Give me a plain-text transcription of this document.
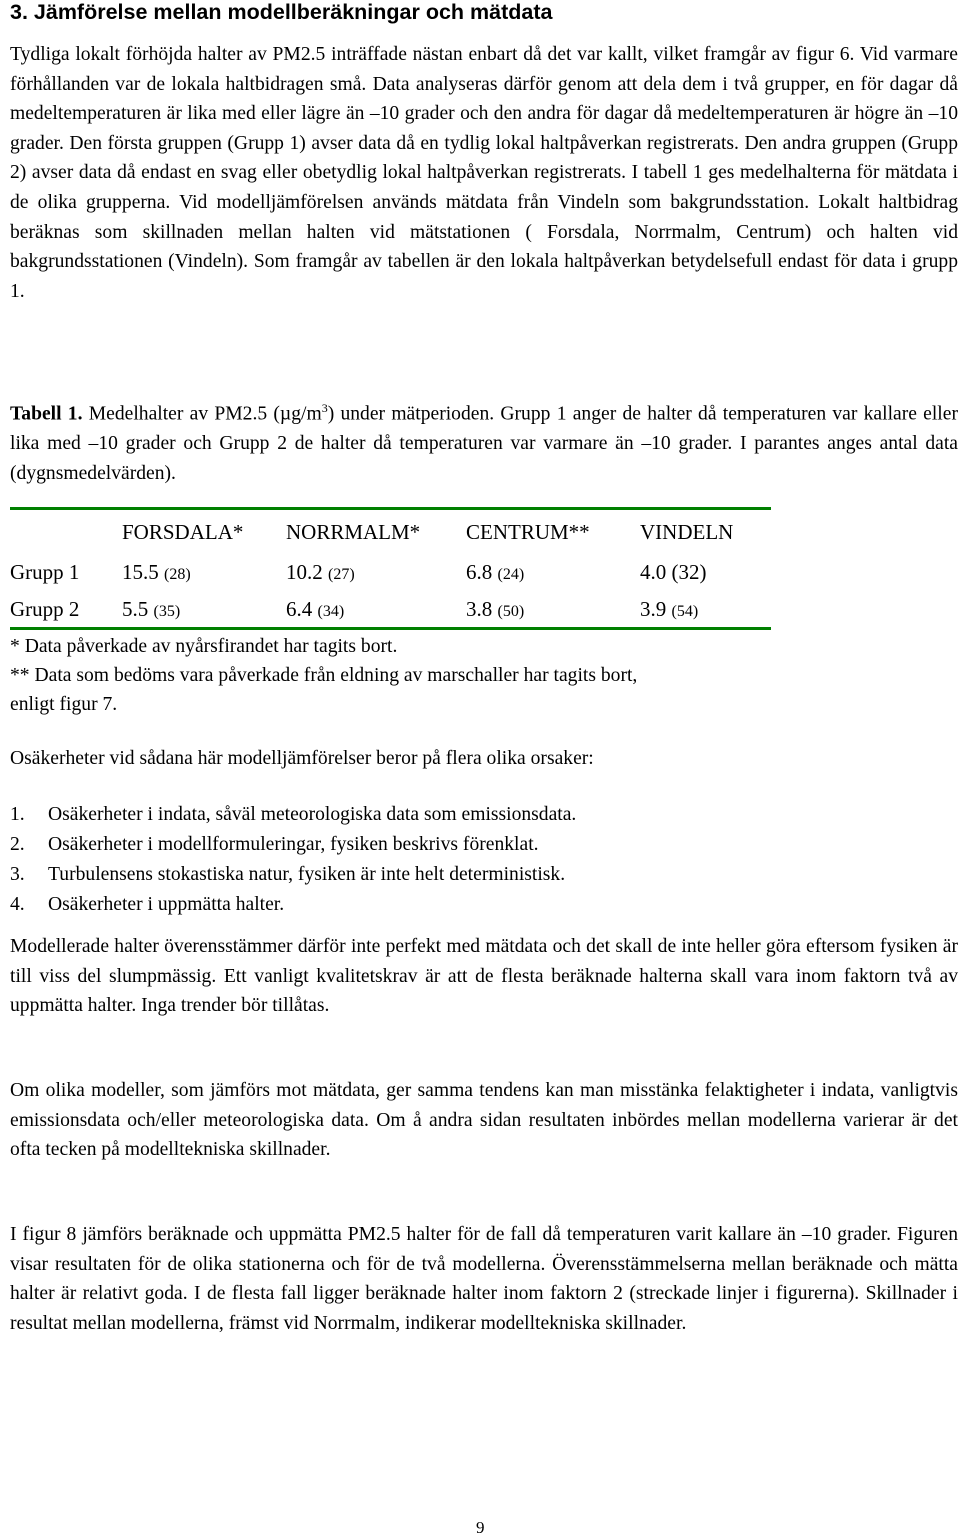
3. Jämförelse mellan modellberäkningar och mätdata

Tydliga lokalt förhöjda halter av PM2.5 inträffade nästan enbart då det var kallt, vilket framgår av figur 6. Vid varmare förhållanden var de lokala haltbidragen små. Data analyseras därför genom att dela dem i två grupper, en för dagar då medeltemperaturen är lika med eller lägre än –10 grader och den andra för dagar då medeltemperaturen är högre än –10 grader. Den första gruppen (Grupp 1) avser data då en tydlig lokal haltpåverkan registrerats. Den andra gruppen (Grupp 2) avser data då endast en svag eller obetydlig lokal haltpåverkan registrerats. I tabell 1 ges medelhalterna för mätdata i de olika grupperna. Vid modelljämförelsen används mätdata från Vindeln som bakgrundsstation. Lokalt haltbidrag beräknas som skillnaden mellan halten vid mätstationen ( Forsdala, Norrmalm, Centrum) och halten vid bakgrundsstationen (Vindeln). Som framgår av tabellen är den lokala haltpåverkan betydelsefull endast för data i grupp 1.

Tabell 1. Medelhalter av PM2.5 $(\mu g/m^3)$ under mätperioden. Grupp 1 anger de halter då temperaturen var kallare eller lika med –10 grader och Grupp 2 de halter då temperaturen var varmare än –10 grader. I parantes anges antal data (dygnsmedelvärden).

FORSDALA* NORRMALM* CENTRUM** VINDELN
Grupp 1 15.5 (28)	10.2 (27)	6.8 (24)	4.0 (32)
Grupp 2 5.5 (35)	6.4 (34)	3.8 (50)	3.9 (54)
* Data påverkade av nyårsfirandet har tagits bort.
** Data som bedöms vara påverkade från eldning av marschaller har tagits bort,
enligt figur 7.
Osäkerheter vid sådana här modelljämförelser beror på flera olika orsaker:
1. Osäkerheter i indata, såväl meteorologiska data som emissionsdata.
2. Osäkerheter i modellformuleringar, fysiken beskrivs förenklat.
3. Turbulensens stokastiska natur, fysiken är inte helt deterministisk.
4. Osäkerheter i uppmätta halter.

Modellerade halter överensstämmer därför inte perfekt med mätdata och det skall de inte heller göra eftersom fysiken är till viss del slumpmässig. Ett vanligt kvalitetskrav är att de flesta beräknade halterna skall vara inom faktorn två av uppmätta halter. Inga trender bör tillåtas.

Om olika modeller, som jämförs mot mätdata, ger samma tendens kan man misstänka felaktigheter i indata, vanligtvis emissionsdata och/eller meteorologiska data. Om å andra sidan resultaten inbördes mellan modellerna varierar är det ofta tecken på modelltekniska skillnader.

I figur 8 jämförs beräknade och uppmätta PM2.5 halter för de fall då temperaturen varit kallare än –10 grader. Figuren visar resultaten för de olika stationerna och för de två modellerna. Överensstämmelserna mellan beräknade och mätta halter är relativt goda. I de flesta fall ligger beräknade halter inom faktorn 2 (streckade linjer i figurerna). Skillnader i resultat mellan modellerna, främst vid Norrmalm, indikerar modelltekniska skillnader.

9
